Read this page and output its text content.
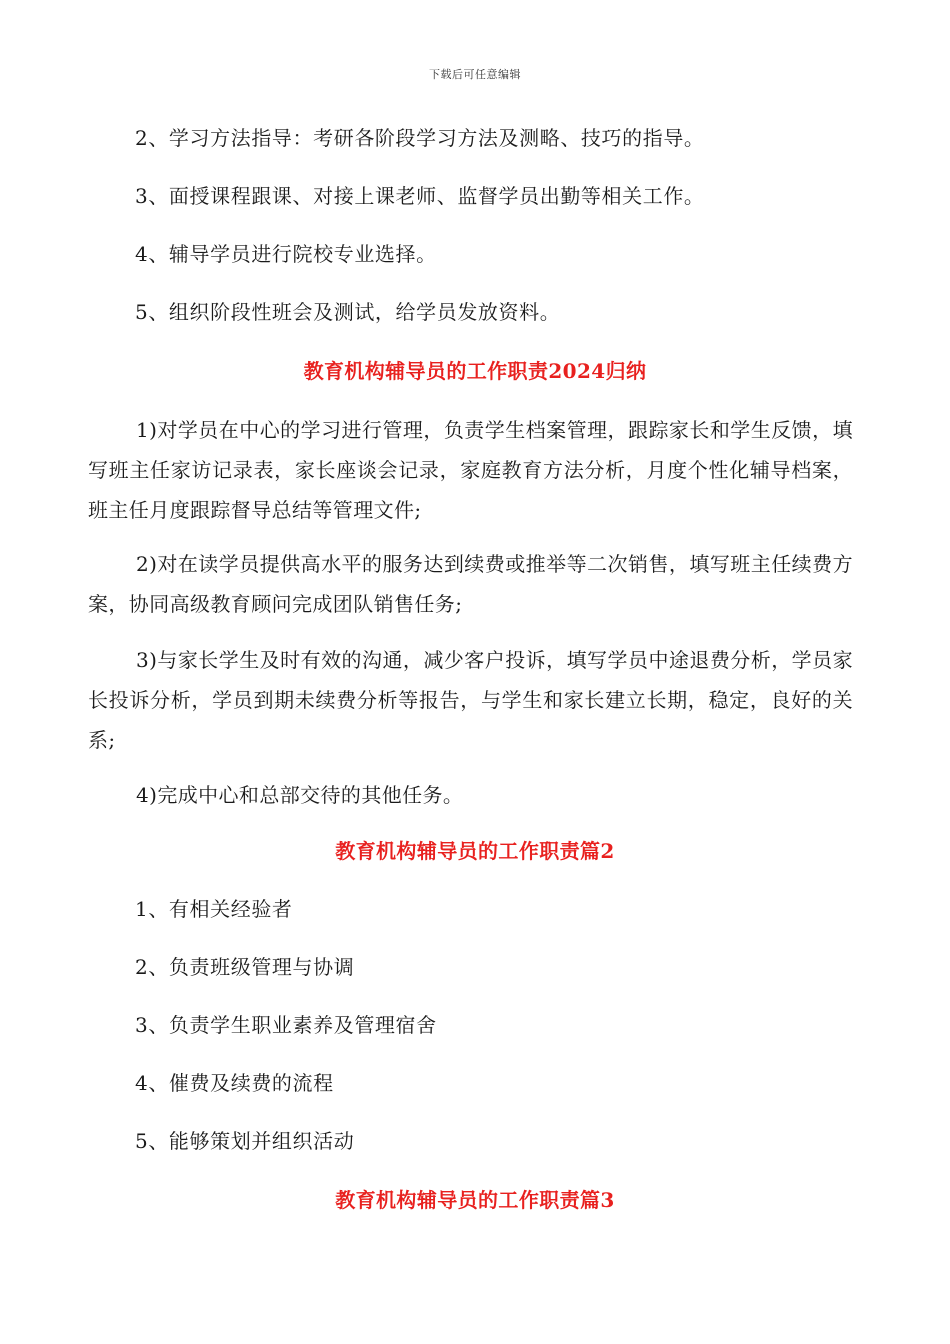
下载后可任意编辑
2、学习方法指导：考研各阶段学习方法及测略、技巧的指导。
3、面授课程跟课、对接上课老师、监督学员出勤等相关工作。
4、辅导学员进行院校专业选择。
5、组织阶段性班会及测试，给学员发放资料。
教育机构辅导员的工作职责2024归纳
1)对学员在中心的学习进行管理，负责学生档案管理，跟踪家长和学生反馈，填写班主任家访记录表，家长座谈会记录，家庭教育方法分析，月度个性化辅导档案，班主任月度跟踪督导总结等管理文件;
2)对在读学员提供高水平的服务达到续费或推举等二次销售，填写班主任续费方案，协同高级教育顾问完成团队销售任务;
3)与家长学生及时有效的沟通，减少客户投诉，填写学员中途退费分析，学员家长投诉分析，学员到期未续费分析等报告，与学生和家长建立长期，稳定，良好的关系;
4)完成中心和总部交待的其他任务。
教育机构辅导员的工作职责篇2
1、有相关经验者
2、负责班级管理与协调
3、负责学生职业素养及管理宿舍
4、催费及续费的流程
5、能够策划并组织活动
教育机构辅导员的工作职责篇3
